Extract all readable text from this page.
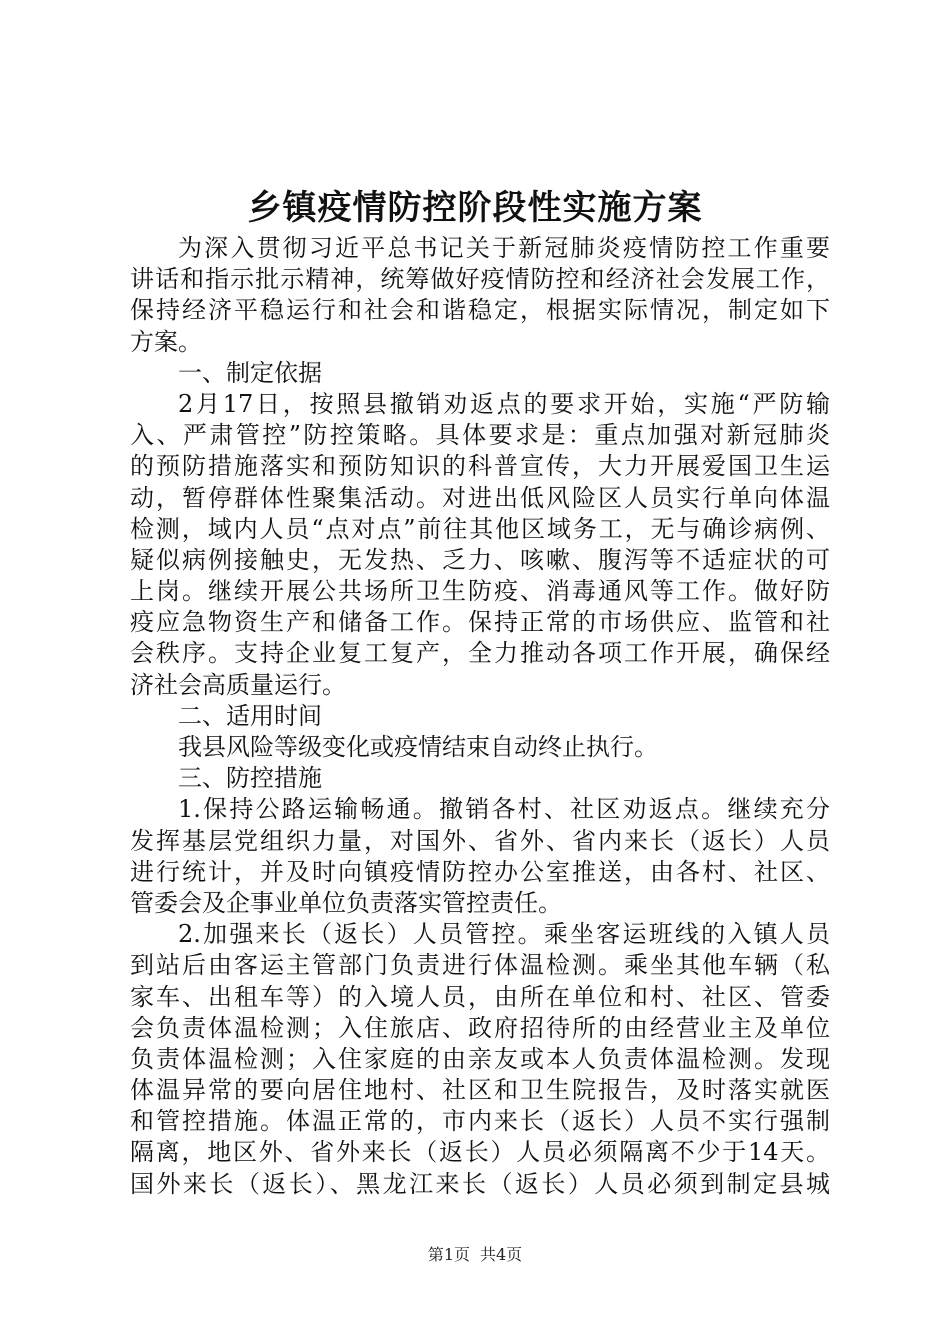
乡镇疫情防控阶段性实施方案
为深入贯彻习近平总书记关于新冠肺炎疫情防控工作重要
讲话和指示批示精神，统筹做好疫情防控和经济社会发展工作，
保持经济平稳运行和社会和谐稳定，根据实际情况，制定如下
方案。
一、制定依据
2月17日，按照县撤销劝返点的要求开始，实施“严防输
入、严肃管控”防控策略。具体要求是：重点加强对新冠肺炎
的预防措施落实和预防知识的科普宣传，大力开展爱国卫生运
动，暂停群体性聚集活动。对进出低风险区人员实行单向体温
检测，域内人员“点对点”前往其他区域务工，无与确诊病例、
疑似病例接触史，无发热、乏力、咳嗽、腹泻等不适症状的可
上岗。继续开展公共场所卫生防疫、消毒通风等工作。做好防
疫应急物资生产和储备工作。保持正常的市场供应、监管和社
会秩序。支持企业复工复产，全力推动各项工作开展，确保经
济社会高质量运行。
二、适用时间
我县风险等级变化或疫情结束自动终止执行。
三、防控措施
1.保持公路运输畅通。撤销各村、社区劝返点。继续充分
发挥基层党组织力量，对国外、省外、省内来长（返长）人员
进行统计，并及时向镇疫情防控办公室推送，由各村、社区、
管委会及企事业单位负责落实管控责任。
2.加强来长（返长）人员管控。乘坐客运班线的入镇人员
到站后由客运主管部门负责进行体温检测。乘坐其他车辆（私
家车、出租车等）的入境人员，由所在单位和村、社区、管委
会负责体温检测；入住旅店、政府招待所的由经营业主及单位
负责体温检测；入住家庭的由亲友或本人负责体温检测。发现
体温异常的要向居住地村、社区和卫生院报告，及时落实就医
和管控措施。体温正常的，市内来长（返长）人员不实行强制
隔离，地区外、省外来长（返长）人员必须隔离不少于14天。
国外来长（返长）、黑龙江来长（返长）人员必须到制定县城
第1页 共4页
